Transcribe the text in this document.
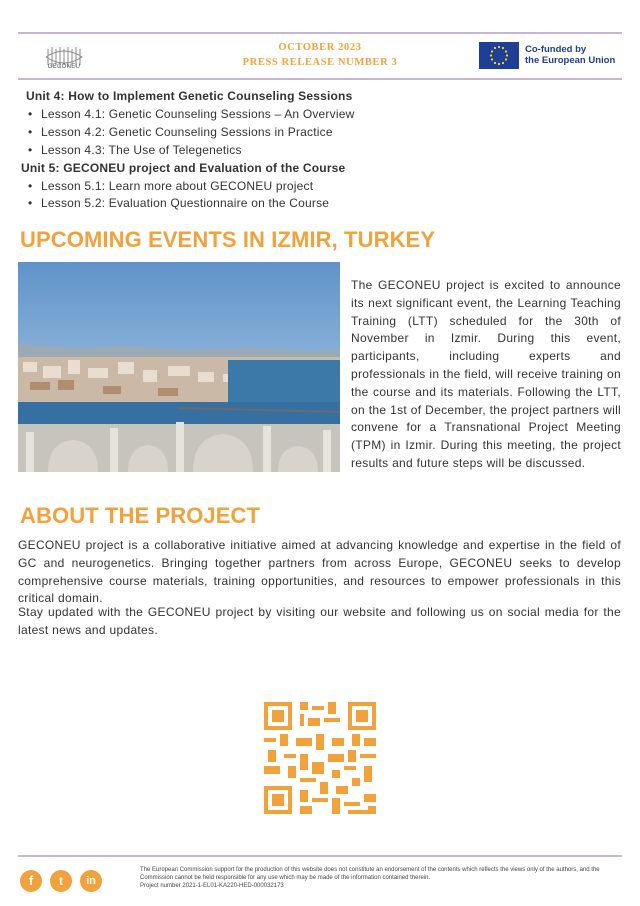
GECONEU
OCTOBER 2023
PRESS RELEASE NUMBER 3
Co-funded by
the European Union
Unit 4: How to Implement Genetic Counseling Sessions
• Lesson 4.1: Genetic Counseling Sessions – An Overview
• Lesson 4.2: Genetic Counseling Sessions in Practice
• Lesson 4.3: The Use of Telegenetics
Unit 5: GECONEU project and Evaluation of the Course
• Lesson 5.1: Learn more about GECONEU project
• Lesson 5.2: Evaluation Questionnaire on the Course
UPCOMING EVENTS IN IZMIR, TURKEY
The GECONEU project is excited to announce its next significant event, the Learning Teaching Training (LTT) scheduled for the 30th of November in Izmir. During this event, participants, including experts and professionals in the field, will receive training on the course and its materials. Following the LTT, on the 1st of December, the project partners will convene for a Transnational Project Meeting (TPM) in Izmir. During this meeting, the project results and future steps will be discussed.
ABOUT THE PROJECT
GECONEU project is a collaborative initiative aimed at advancing knowledge and expertise in the field of GC and neurogenetics. Bringing together partners from across Europe, GECONEU seeks to develop comprehensive course materials, training opportunities, and resources to empower professionals in this critical domain.
Stay updated with the GECONEU project by visiting our website and following us on social media for the latest news and updates.
f	t	in
The European Commission support for the production of this website does not constitute an endorsement of the contents which reflects the views only of the authors, and the Commission cannot be held responsible for any use which may be made of the information contained therein.
Project number 2021-1-EL01-KA220-HED-000032173
